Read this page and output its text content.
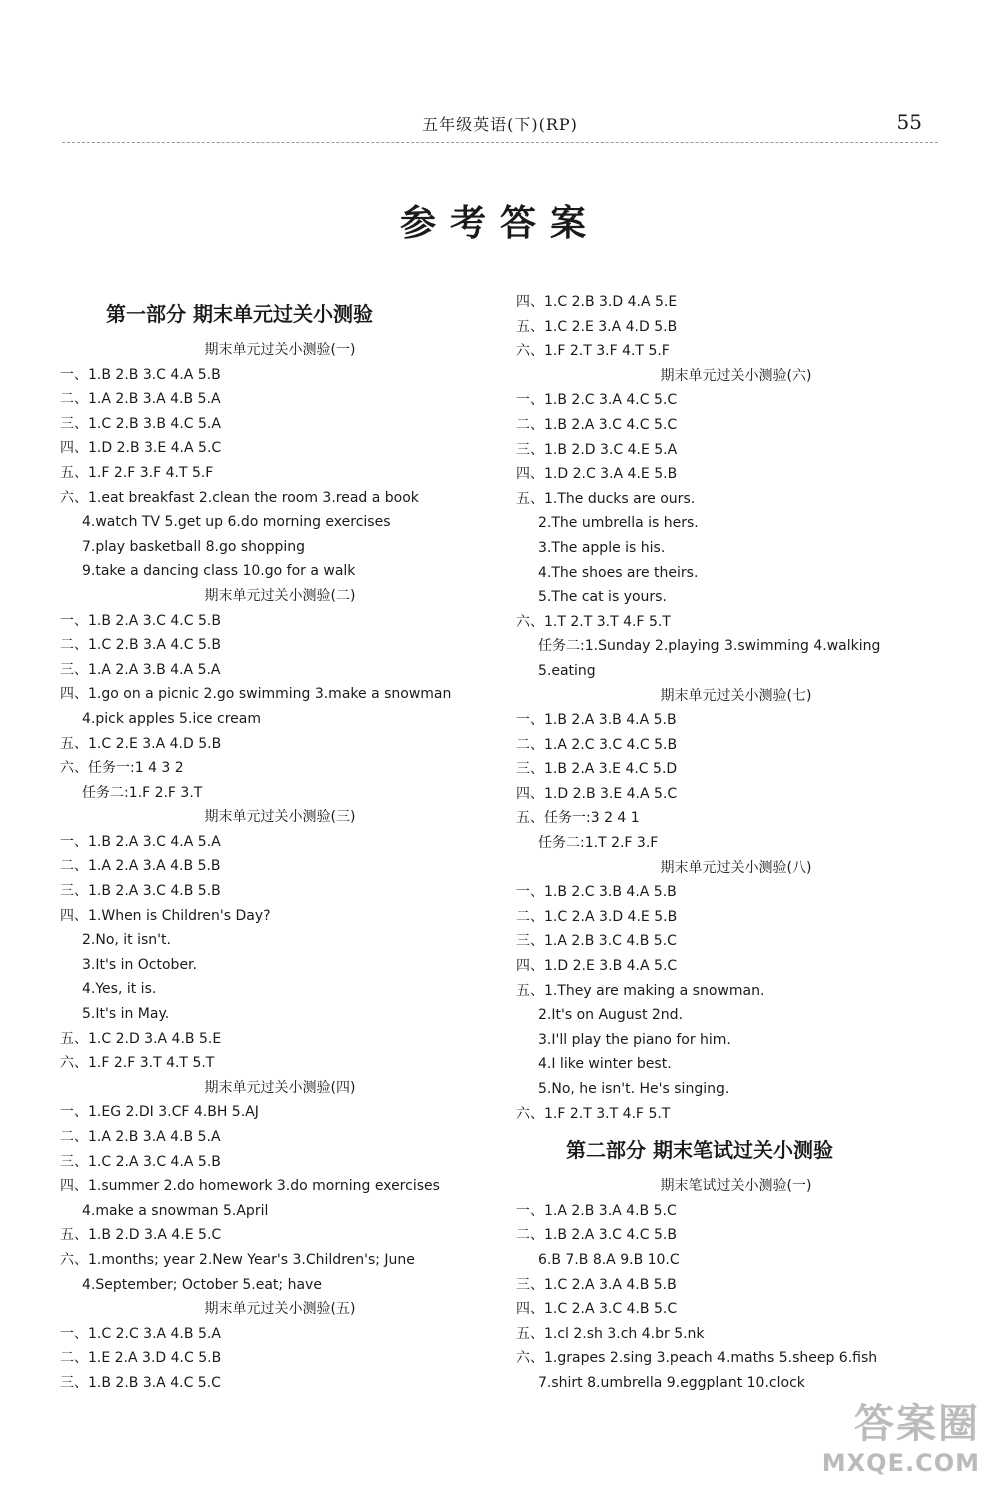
五年级英语(下)(RP)	55
参考答案
第一部分 期末单元过关小测验
期末单元过关小测验(一)
一、1.B 2.B 3.C 4.A 5.B
二、1.A 2.B 3.A 4.B 5.A
三、1.C 2.B 3.B 4.C 5.A
四、1.D 2.B 3.E 4.A 5.C
五、1.F 2.F 3.F 4.T 5.F
六、1.eat breakfast 2.clean the room 3.read a book
4.watch TV 5.get up 6.do morning exercises
7.play basketball 8.go shopping
9.take a dancing class 10.go for a walk
期末单元过关小测验(二)
一、1.B 2.A 3.C 4.C 5.B
二、1.C 2.B 3.A 4.C 5.B
三、1.A 2.A 3.B 4.A 5.A
四、1.go on a picnic 2.go swimming 3.make a snowman
4.pick apples 5.ice cream
五、1.C 2.E 3.A 4.D 5.B
六、任务一:1 4 3 2
任务二:1.F 2.F 3.T
期末单元过关小测验(三)
一、1.B 2.A 3.C 4.A 5.A
二、1.A 2.A 3.A 4.B 5.B
三、1.B 2.A 3.C 4.B 5.B
四、1.When is Children's Day?
2.No, it isn't.
3.It's in October.
4.Yes, it is.
5.It's in May.
五、1.C 2.D 3.A 4.B 5.E
六、1.F 2.F 3.T 4.T 5.T
期末单元过关小测验(四)
一、1.EG 2.DI 3.CF 4.BH 5.AJ
二、1.A 2.B 3.A 4.B 5.A
三、1.C 2.A 3.C 4.A 5.B
四、1.summer 2.do homework 3.do morning exercises
4.make a snowman 5.April
五、1.B 2.D 3.A 4.E 5.C
六、1.months; year 2.New Year's 3.Children's; June
4.September; October 5.eat; have
期末单元过关小测验(五)
一、1.C 2.C 3.A 4.B 5.A
二、1.E 2.A 3.D 4.C 5.B
三、1.B 2.B 3.A 4.C 5.C
四、1.C 2.B 3.D 4.A 5.E
五、1.C 2.E 3.A 4.D 5.B
六、1.F 2.T 3.F 4.T 5.F
期末单元过关小测验(六)
一、1.B 2.C 3.A 4.C 5.C
二、1.B 2.A 3.C 4.C 5.C
三、1.B 2.D 3.C 4.E 5.A
四、1.D 2.C 3.A 4.E 5.B
五、1.The ducks are ours.
2.The umbrella is hers.
3.The apple is his.
4.The shoes are theirs.
5.The cat is yours.
六、1.T 2.T 3.T 4.F 5.T
任务二:1.Sunday 2.playing 3.swimming 4.walking
5.eating
期末单元过关小测验(七)
一、1.B 2.A 3.B 4.A 5.B
二、1.A 2.C 3.C 4.C 5.B
三、1.B 2.A 3.E 4.C 5.D
四、1.D 2.B 3.E 4.A 5.C
五、任务一:3 2 4 1
任务二:1.T 2.F 3.F
期末单元过关小测验(八)
一、1.B 2.C 3.B 4.A 5.B
二、1.C 2.A 3.D 4.E 5.B
三、1.A 2.B 3.C 4.B 5.C
四、1.D 2.E 3.B 4.A 5.C
五、1.They are making a snowman.
2.It's on August 2nd.
3.I'll play the piano for him.
4.I like winter best.
5.No, he isn't. He's singing.
六、1.F 2.T 3.T 4.F 5.T
第二部分 期末笔试过关小测验
期末笔试过关小测验(一)
一、1.A 2.B 3.A 4.B 5.C
二、1.B 2.A 3.C 4.C 5.B
6.B 7.B 8.A 9.B 10.C
三、1.C 2.A 3.A 4.B 5.B
四、1.C 2.A 3.C 4.B 5.C
五、1.cl 2.sh 3.ch 4.br 5.nk
六、1.grapes 2.sing 3.peach 4.maths 5.sheep 6.fish
7.shirt 8.umbrella 9.eggplant 10.clock
答案圈
MXQE.COM
